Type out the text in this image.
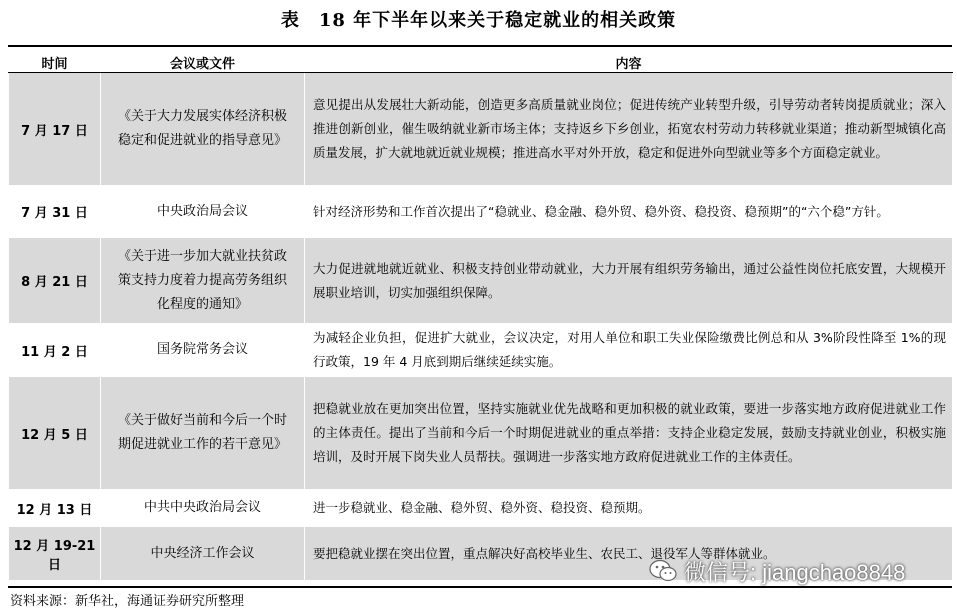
表　18 年下半年以来关于稳定就业的相关政策
时间	会议或文件	内容
7 月 17 日	《关于大力发展实体经济积极稳定和促进就业的指导意见》	意见提出从发展壮大新动能，创造更多高质量就业岗位；促进传统产业转型升级，引导劳动者转岗提质就业；深入推进创新创业，催生吸纳就业新市场主体；支持返乡下乡创业，拓宽农村劳动力转移就业渠道；推动新型城镇化高质量发展，扩大就地就近就业规模；推进高水平对外开放，稳定和促进外向型就业等多个方面稳定就业。
7 月 31 日	中央政治局会议	针对经济形势和工作首次提出了“稳就业、稳金融、稳外贸、稳外资、稳投资、稳预期”的“六个稳”方针。
8 月 21 日	《关于进一步加大就业扶贫政策支持力度着力提高劳务组织化程度的通知》	大力促进就地就近就业、积极支持创业带动就业，大力开展有组织劳务输出，通过公益性岗位托底安置，大规模开展职业培训，切实加强组织保障。
11 月 2 日	国务院常务会议	为减轻企业负担，促进扩大就业，会议决定，对用人单位和职工失业保险缴费比例总和从 3%阶段性降至 1%的现行政策，19 年 4 月底到期后继续延续实施。
12 月 5 日	《关于做好当前和今后一个时期促进就业工作的若干意见》	把稳就业放在更加突出位置，坚持实施就业优先战略和更加积极的就业政策，要进一步落实地方政府促进就业工作的主体责任。提出了当前和今后一个时期促进就业的重点举措：支持企业稳定发展，鼓励支持就业创业，积极实施培训，及时开展下岗失业人员帮扶。强调进一步落实地方政府促进就业工作的主体责任。
12 月 13 日	中共中央政治局会议	进一步稳就业、稳金融、稳外贸、稳外资、稳投资、稳预期。
12 月 19-21 日	中央经济工作会议	要把稳就业摆在突出位置，重点解决好高校毕业生、农民工、退役军人等群体就业。
资料来源：新华社，海通证券研究所整理
微信号: jiangchao8848
